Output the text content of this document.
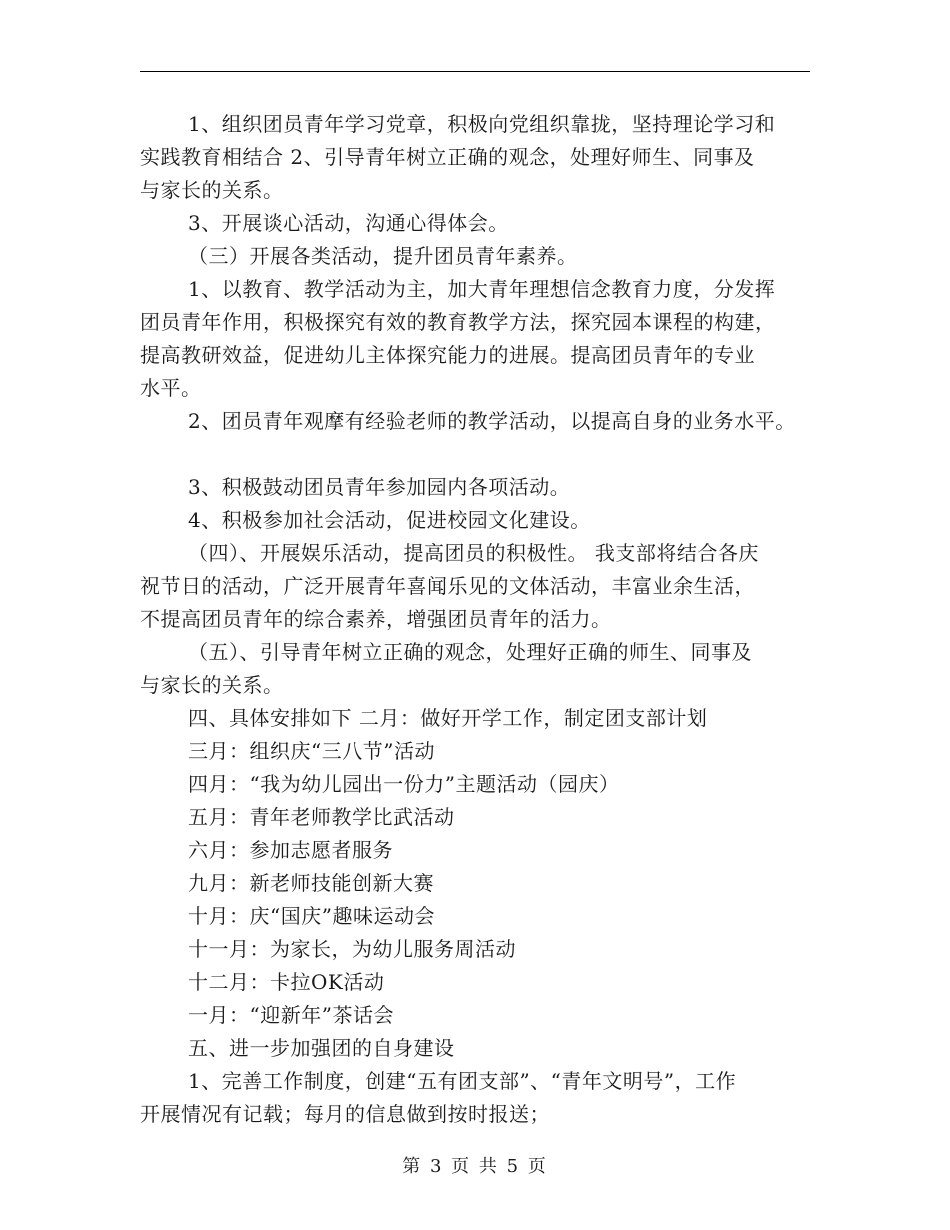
1、组织团员青年学习党章，积极向党组织靠拢，坚持理论学习和
实践教育相结合 2、引导青年树立正确的观念，处理好师生、同事及
与家长的关系。
3、开展谈心活动，沟通心得体会。
（三）开展各类活动，提升团员青年素养。
1、以教育、教学活动为主，加大青年理想信念教育力度，分发挥
团员青年作用，积极探究有效的教育教学方法，探究园本课程的构建，
提高教研效益，促进幼儿主体探究能力的进展。提高团员青年的专业
水平。
2、团员青年观摩有经验老师的教学活动，以提高自身的业务水平。
3、积极鼓动团员青年参加园内各项活动。
4、积极参加社会活动，促进校园文化建设。
（四）、开展娱乐活动，提高团员的积极性。 我支部将结合各庆
祝节日的活动，广泛开展青年喜闻乐见的文体活动，丰富业余生活，
不提高团员青年的综合素养，增强团员青年的活力。
（五）、引导青年树立正确的观念，处理好正确的师生、同事及
与家长的关系。
四、具体安排如下 二月：做好开学工作，制定团支部计划
三月：组织庆“三八节”活动
四月：“我为幼儿园出一份力”主题活动（园庆）
五月：青年老师教学比武活动
六月：参加志愿者服务
九月：新老师技能创新大赛
十月：庆“国庆”趣味运动会
十一月：为家长，为幼儿服务周活动
十二月：卡拉OK活动
一月：“迎新年”茶话会
五、进一步加强团的自身建设
1、完善工作制度，创建“五有团支部”、“青年文明号”，工作
开展情况有记载；每月的信息做到按时报送；
第 3 页 共 5 页
